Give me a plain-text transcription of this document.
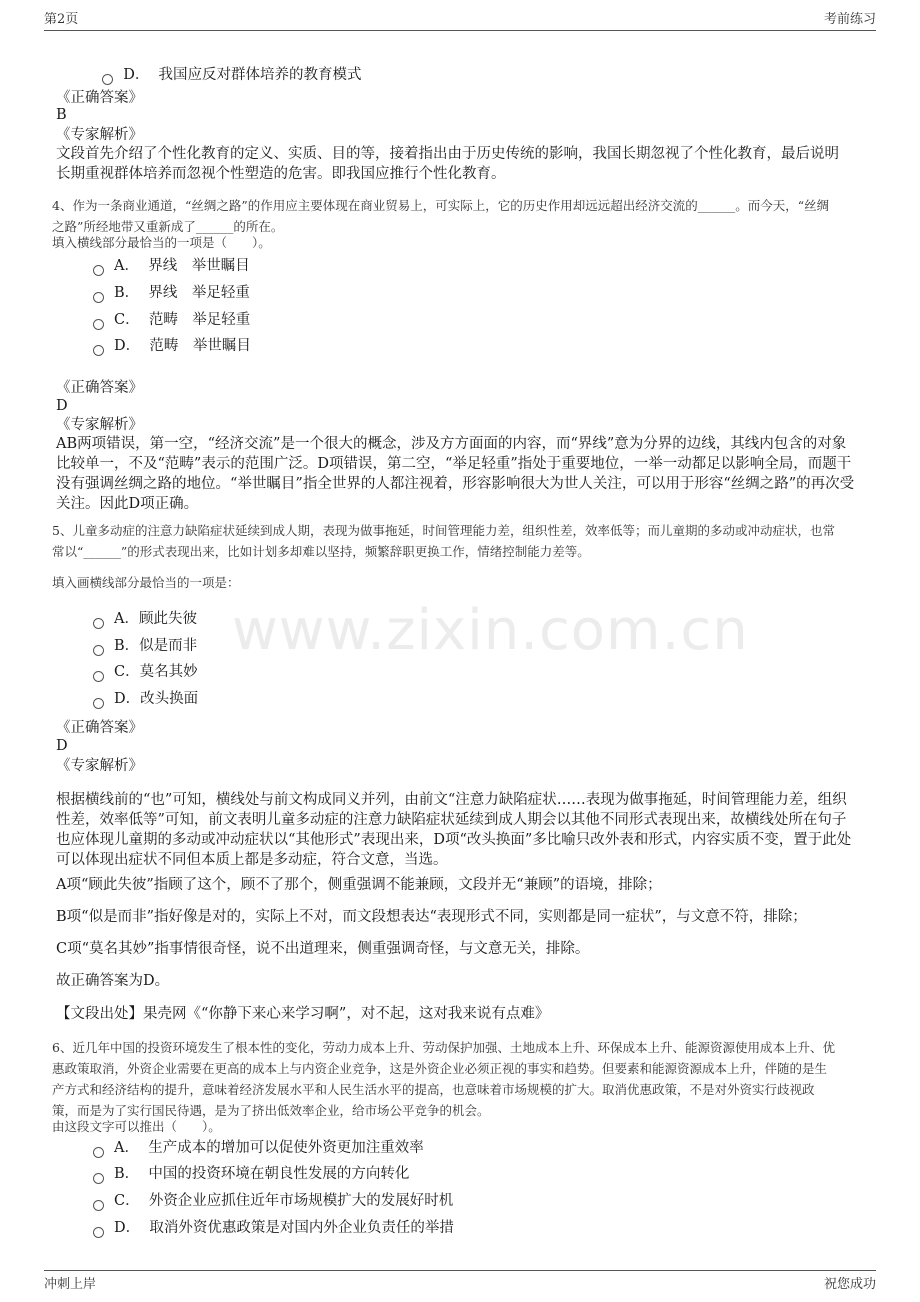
第2页	考前练习
www.zixin.com.cn

D．  我国应反对群体培养的教育模式

《正确答案》
B
《专家解析》
文段首先介绍了个性化教育的定义、实质、目的等，接着指出由于历史传统的影响，我国长期忽视了个性化教育，最后说明
长期重视群体培养而忽视个性塑造的危害。即我国应推行个性化教育。
4、作为一条商业通道，“丝绸之路”的作用应主要体现在商业贸易上，可实际上，它的历史作用却远远超出经济交流的______。而今天，“丝绸
之路”所经地带又重新成了______的所在。
填入横线部分最恰当的一项是（　　）。
A．  界线　举世瞩目
B．  界线　举足轻重
C．  范畴　举足轻重
D．  范畴　举世瞩目
《正确答案》
D
《专家解析》
AB两项错误，第一空，“经济交流”是一个很大的概念，涉及方方面面的内容，而“界线”意为分界的边线，其线内包含的对象
比较单一，不及“范畴”表示的范围广泛。D项错误，第二空，“举足轻重”指处于重要地位，一举一动都足以影响全局，而题干
没有强调丝绸之路的地位。“举世瞩目”指全世界的人都注视着，形容影响很大为世人关注，可以用于形容“丝绸之路”的再次受
关注。因此D项正确。
5、儿童多动症的注意力缺陷症状延续到成人期，表现为做事拖延，时间管理能力差，组织性差，效率低等；而儿童期的多动或冲动症状，也常
常以“______”的形式表现出来，比如计划多却难以坚持，频繁辞职更换工作，情绪控制能力差等。
填入画横线部分最恰当的一项是：
A．顾此失彼
B．似是而非
C．莫名其妙
D．改头换面
《正确答案》
D
《专家解析》
根据横线前的“也”可知，横线处与前文构成同义并列，由前文“注意力缺陷症状……表现为做事拖延，时间管理能力差，组织
性差，效率低等”可知，前文表明儿童多动症的注意力缺陷症状延续到成人期会以其他不同形式表现出来，故横线处所在句子
也应体现儿童期的多动或冲动症状以“其他形式”表现出来，D项“改头换面”多比喻只改外表和形式，内容实质不变，置于此处
可以体现出症状不同但本质上都是多动症，符合文意，当选。
A项“顾此失彼”指顾了这个，顾不了那个，侧重强调不能兼顾，文段并无“兼顾”的语境，排除；
B项“似是而非”指好像是对的，实际上不对，而文段想表达“表现形式不同，实则都是同一症状”，与文意不符，排除；
C项“莫名其妙”指事情很奇怪，说不出道理来，侧重强调奇怪，与文意无关，排除。
故正确答案为D。
【文段出处】果壳网《“你静下来心来学习啊”，对不起，这对我来说有点难》
6、近几年中国的投资环境发生了根本性的变化，劳动力成本上升、劳动保护加强、土地成本上升、环保成本上升、能源资源使用成本上升、优
惠政策取消，外资企业需要在更高的成本上与内资企业竞争，这是外资企业必须正视的事实和趋势。但要素和能源资源成本上升，伴随的是生
产方式和经济结构的提升，意味着经济发展水平和人民生活水平的提高，也意味着市场规模的扩大。取消优惠政策，不是对外资实行歧视政
策，而是为了实行国民待遇，是为了挤出低效率企业，给市场公平竞争的机会。
由这段文字可以推出（　　）。
A．  生产成本的增加可以促使外资更加注重效率
B．  中国的投资环境在朝良性发展的方向转化
C．  外资企业应抓住近年市场规模扩大的发展好时机
D．  取消外资优惠政策是对国内外企业负责任的举措
冲刺上岸	祝您成功
